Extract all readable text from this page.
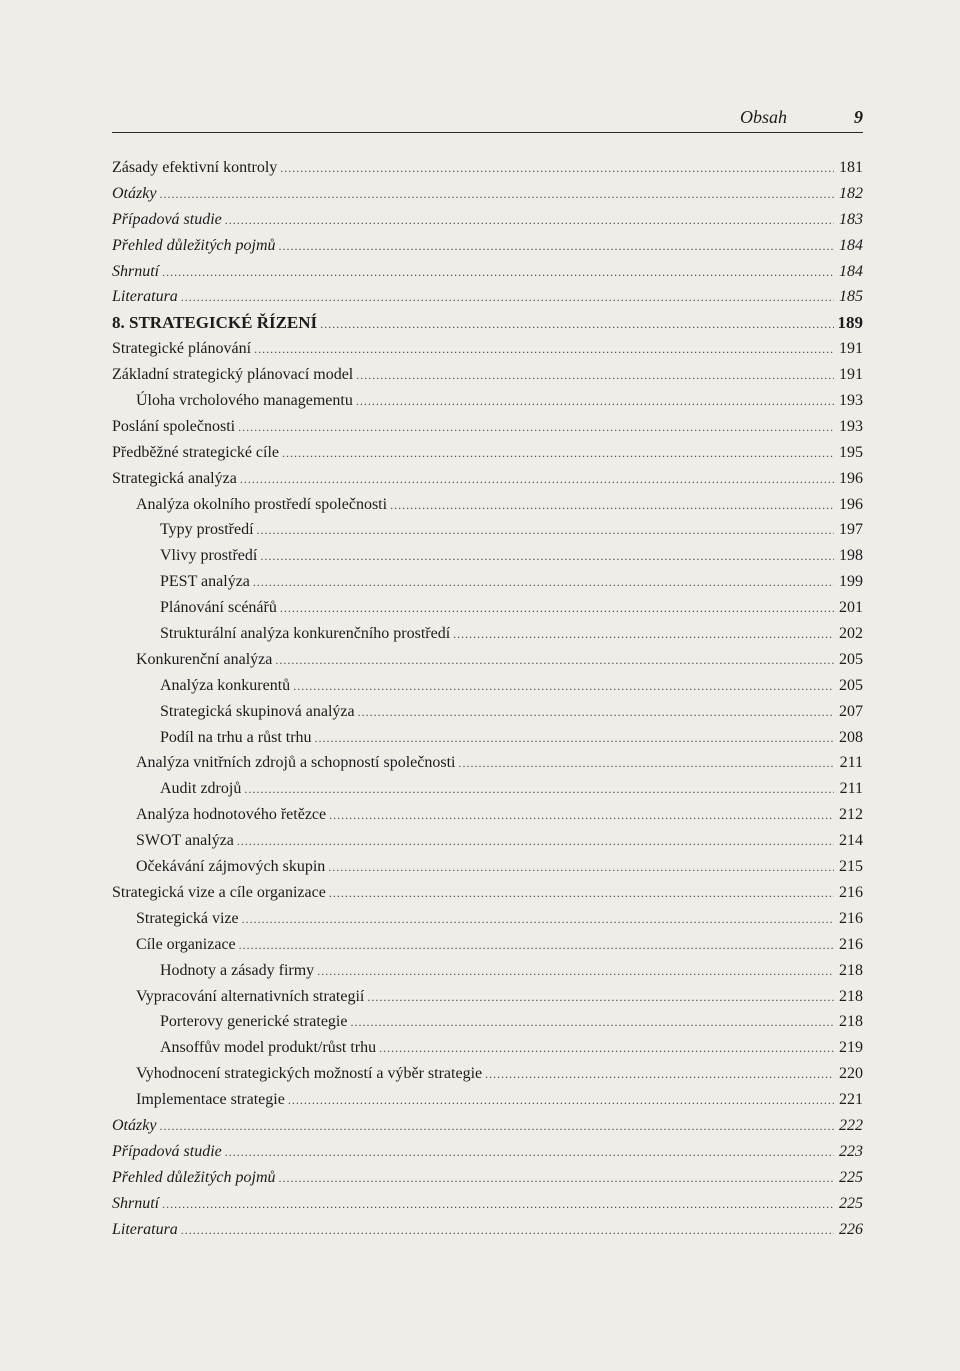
Obsah	9
Zásady efektivní kontroly .....	181
Otázky .....	182
Případová studie .....	183
Přehled důležitých pojmů .....	184
Shrnutí .....	184
Literatura .....	185
8. STRATEGICKÉ ŘÍZENÍ .....	189
Strategické plánování .....	191
Základní strategický plánovací model .....	191
Úloha vrcholového managementu .....	193
Poslání společnosti .....	193
Předběžné strategické cíle .....	195
Strategická analýza .....	196
Analýza okolního prostředí společnosti .....	196
Typy prostředí .....	197
Vlivy prostředí .....	198
PEST analýza .....	199
Plánování scénářů .....	201
Strukturální analýza konkurenčního prostředí .....	202
Konkurenční analýza .....	205
Analýza konkurentů .....	205
Strategická skupinová analýza .....	207
Podíl na trhu a růst trhu .....	208
Analýza vnitřních zdrojů a schopností společnosti .....	211
Audit zdrojů .....	211
Analýza hodnotového řetězce .....	212
SWOT analýza .....	214
Očekávání zájmových skupin .....	215
Strategická vize a cíle organizace .....	216
Strategická vize .....	216
Cíle organizace .....	216
Hodnoty a zásady firmy .....	218
Vypracování alternativních strategií .....	218
Porterovy generické strategie .....	218
Ansoffův model produkt/růst trhu .....	219
Vyhodnocení strategických možností a výběr strategie .....	220
Implementace strategie .....	221
Otázky .....	222
Případová studie .....	223
Přehled důležitých pojmů .....	225
Shrnutí .....	225
Literatura .....	226
